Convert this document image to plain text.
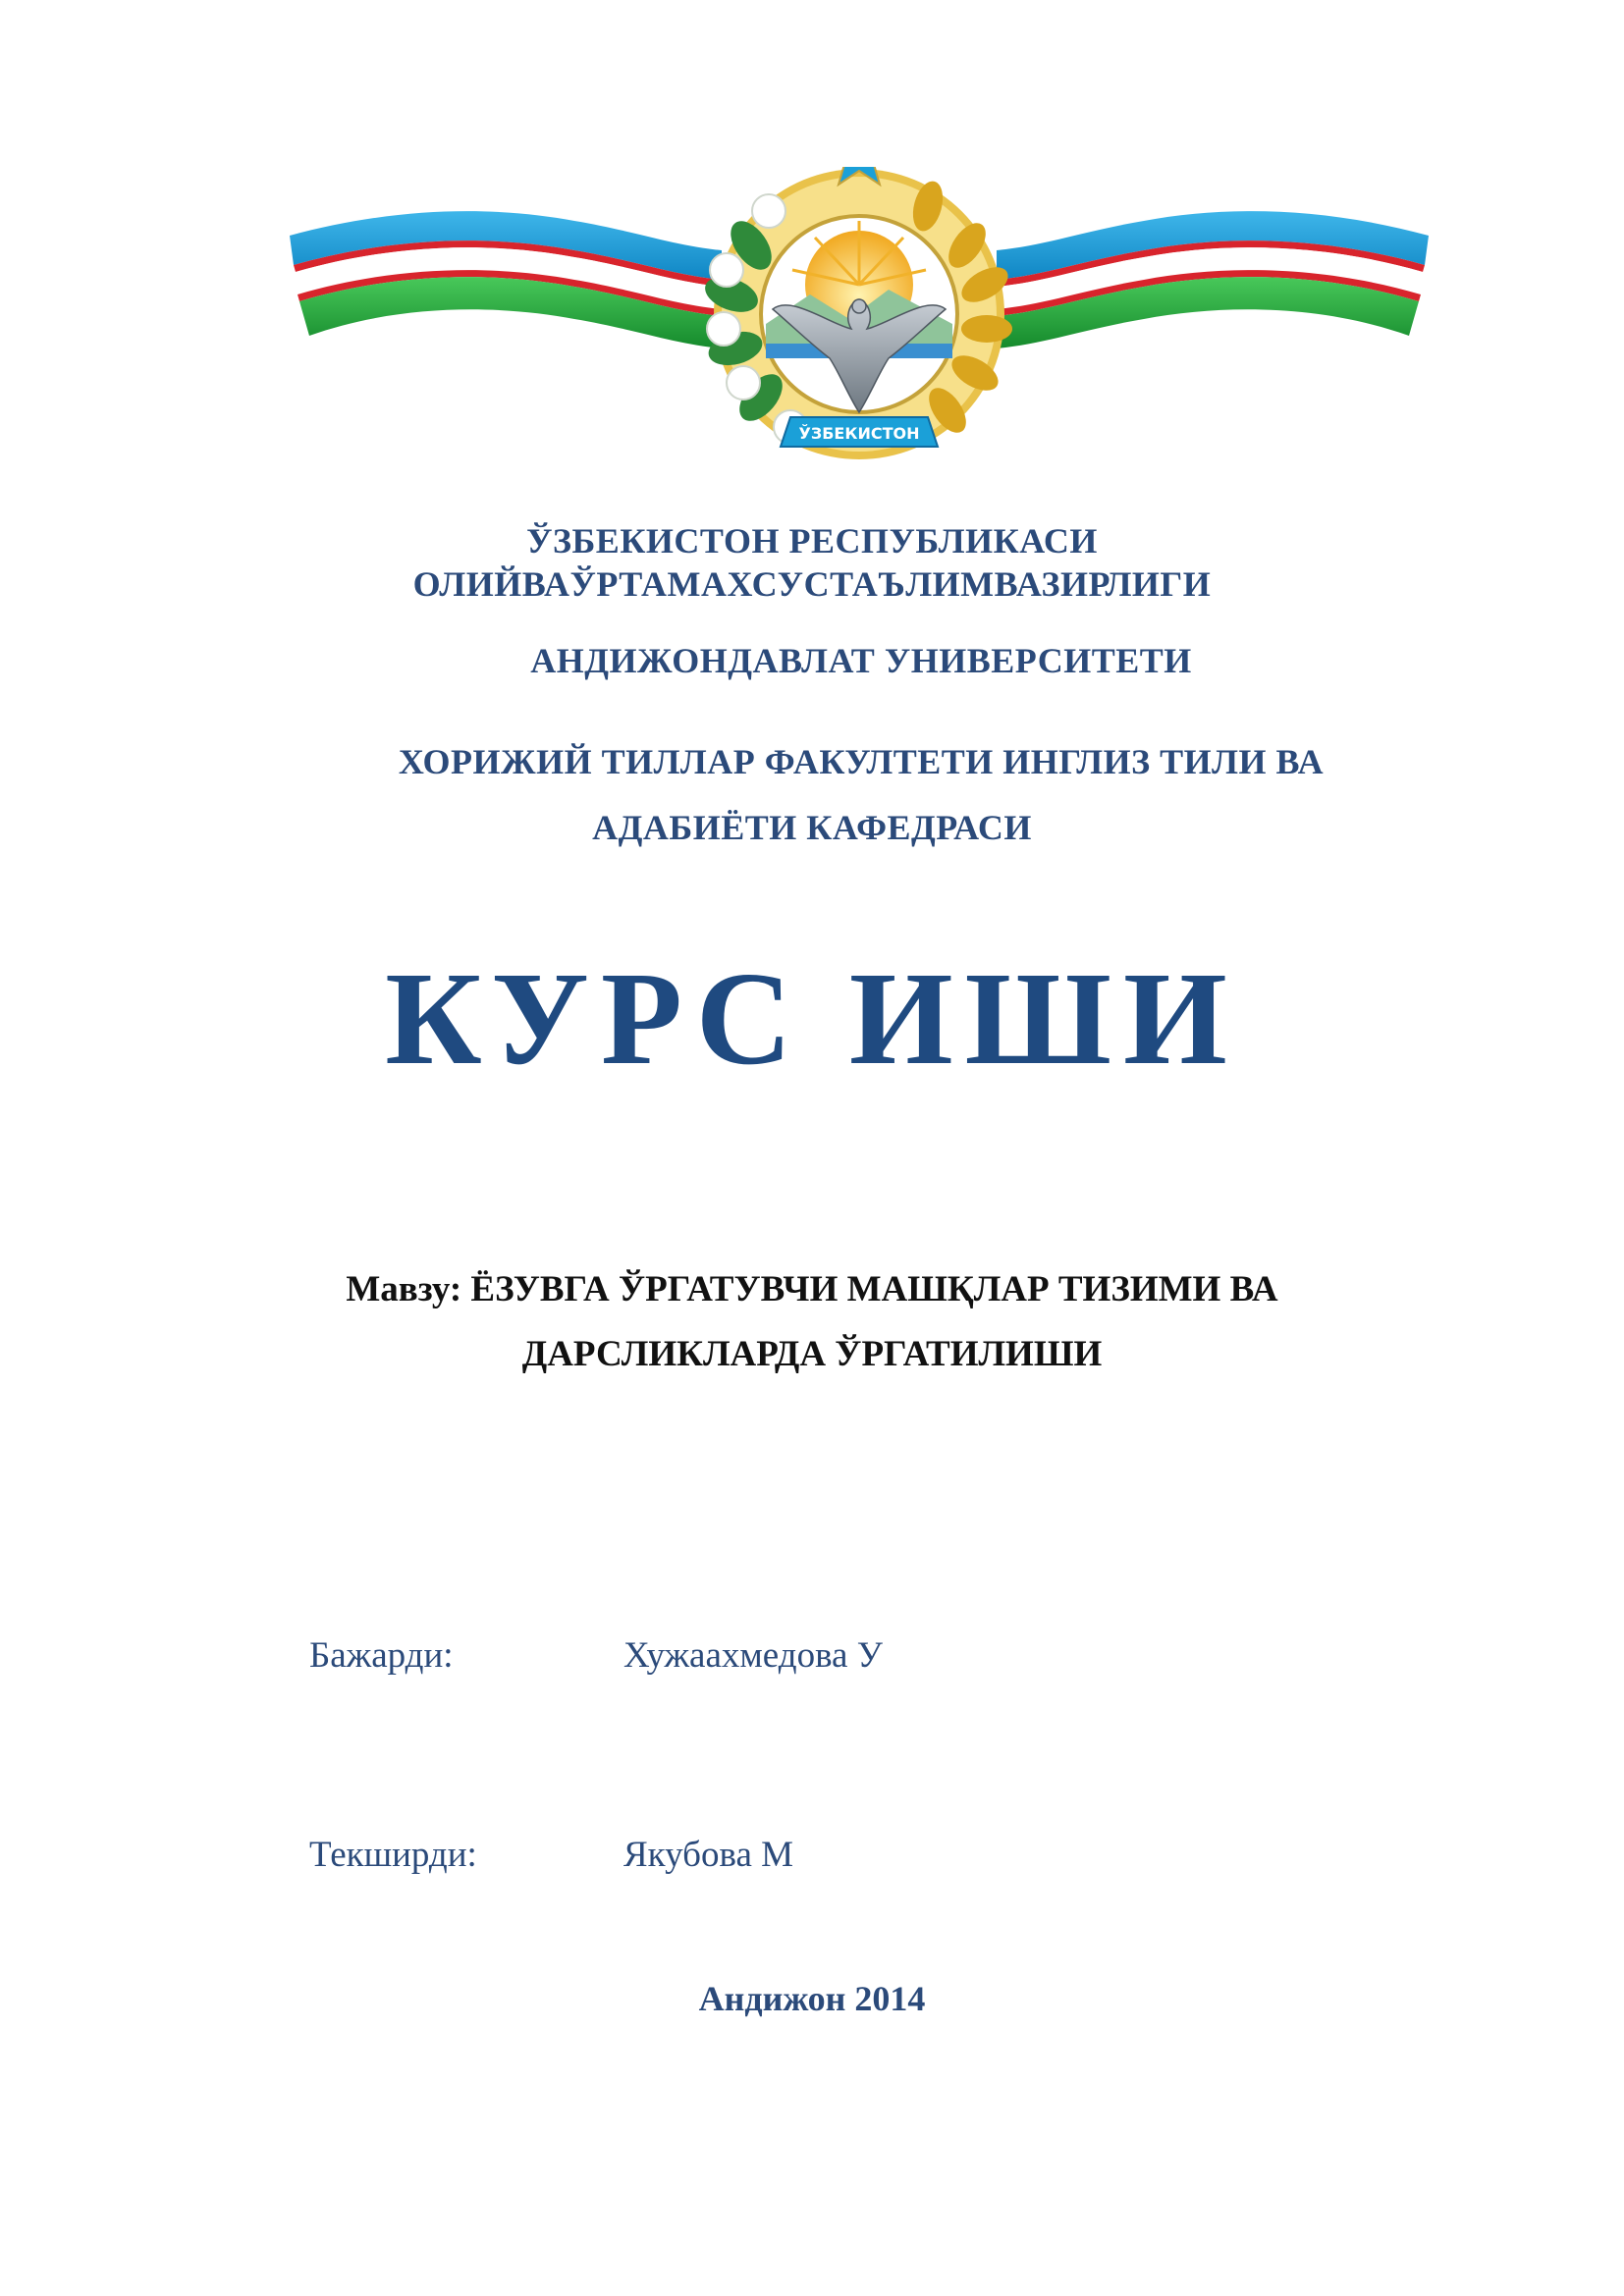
ЎЗБЕКИСТОН
ЎЗБЕКИСТОН РЕСПУБЛИКАСИ
ОЛИЙВАЎРТАМАХСУСТАЪЛИМВАЗИРЛИГИ
АНДИЖОНДАВЛАТ УНИВЕРСИТЕТИ
ХОРИЖИЙ ТИЛЛАР ФАКУЛТЕТИ ИНГЛИЗ ТИЛИ ВА
АДАБИЁТИ КАФЕДРАСИ
КУРС ИШИ
Мавзу: ЁЗУВГА ЎРГАТУВЧИ МАШҚЛАР ТИЗИМИ ВА
ДАРСЛИКЛАРДА ЎРГАТИЛИШИ
Бажарди:	Хужаахмедова У
Текширди:	Якубова М
Андижон 2014
